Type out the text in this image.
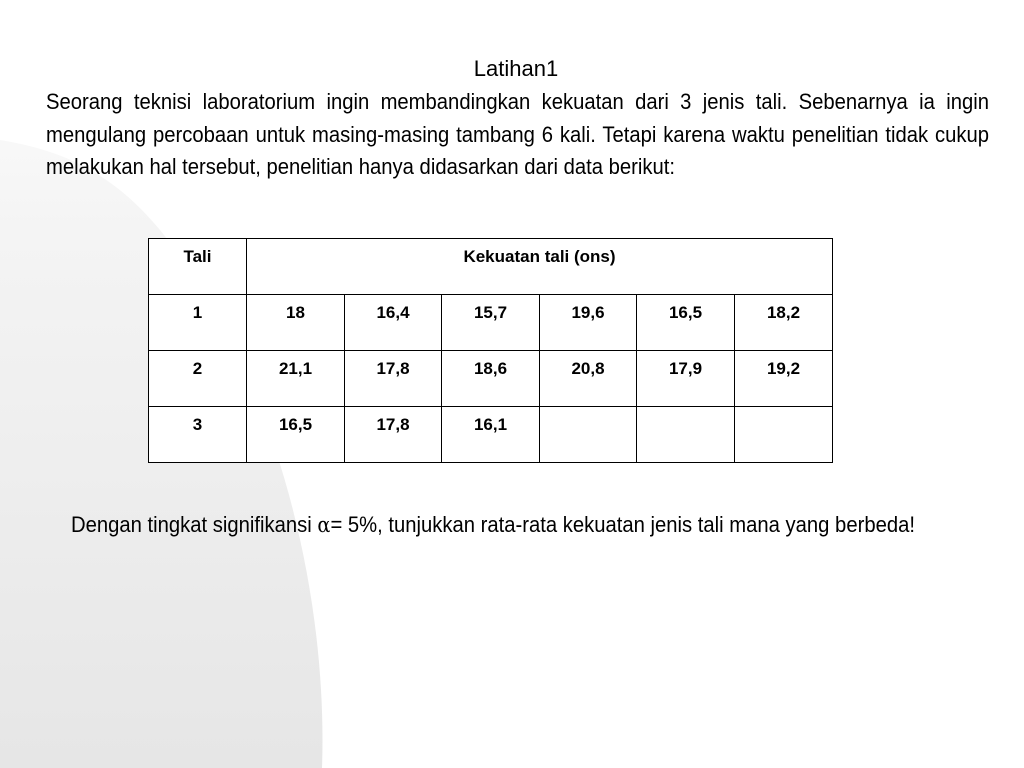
Latihan1
Seorang teknisi laboratorium ingin membandingkan kekuatan dari 3 jenis tali. Sebenarnya ia ingin mengulang percobaan untuk masing-masing tambang 6 kali. Tetapi karena waktu penelitian tidak cukup melakukan hal tersebut, penelitian hanya didasarkan dari data berikut:
Tali	Kekuatan tali (ons)					
1	18	16,4	15,7	19,6	16,5	18,2
2	21,1	17,8	18,6	20,8	17,9	19,2
3	16,5	17,8	16,1			
Dengan tingkat signifikansi α= 5%, tunjukkan rata-rata kekuatan jenis tali mana yang berbeda!
